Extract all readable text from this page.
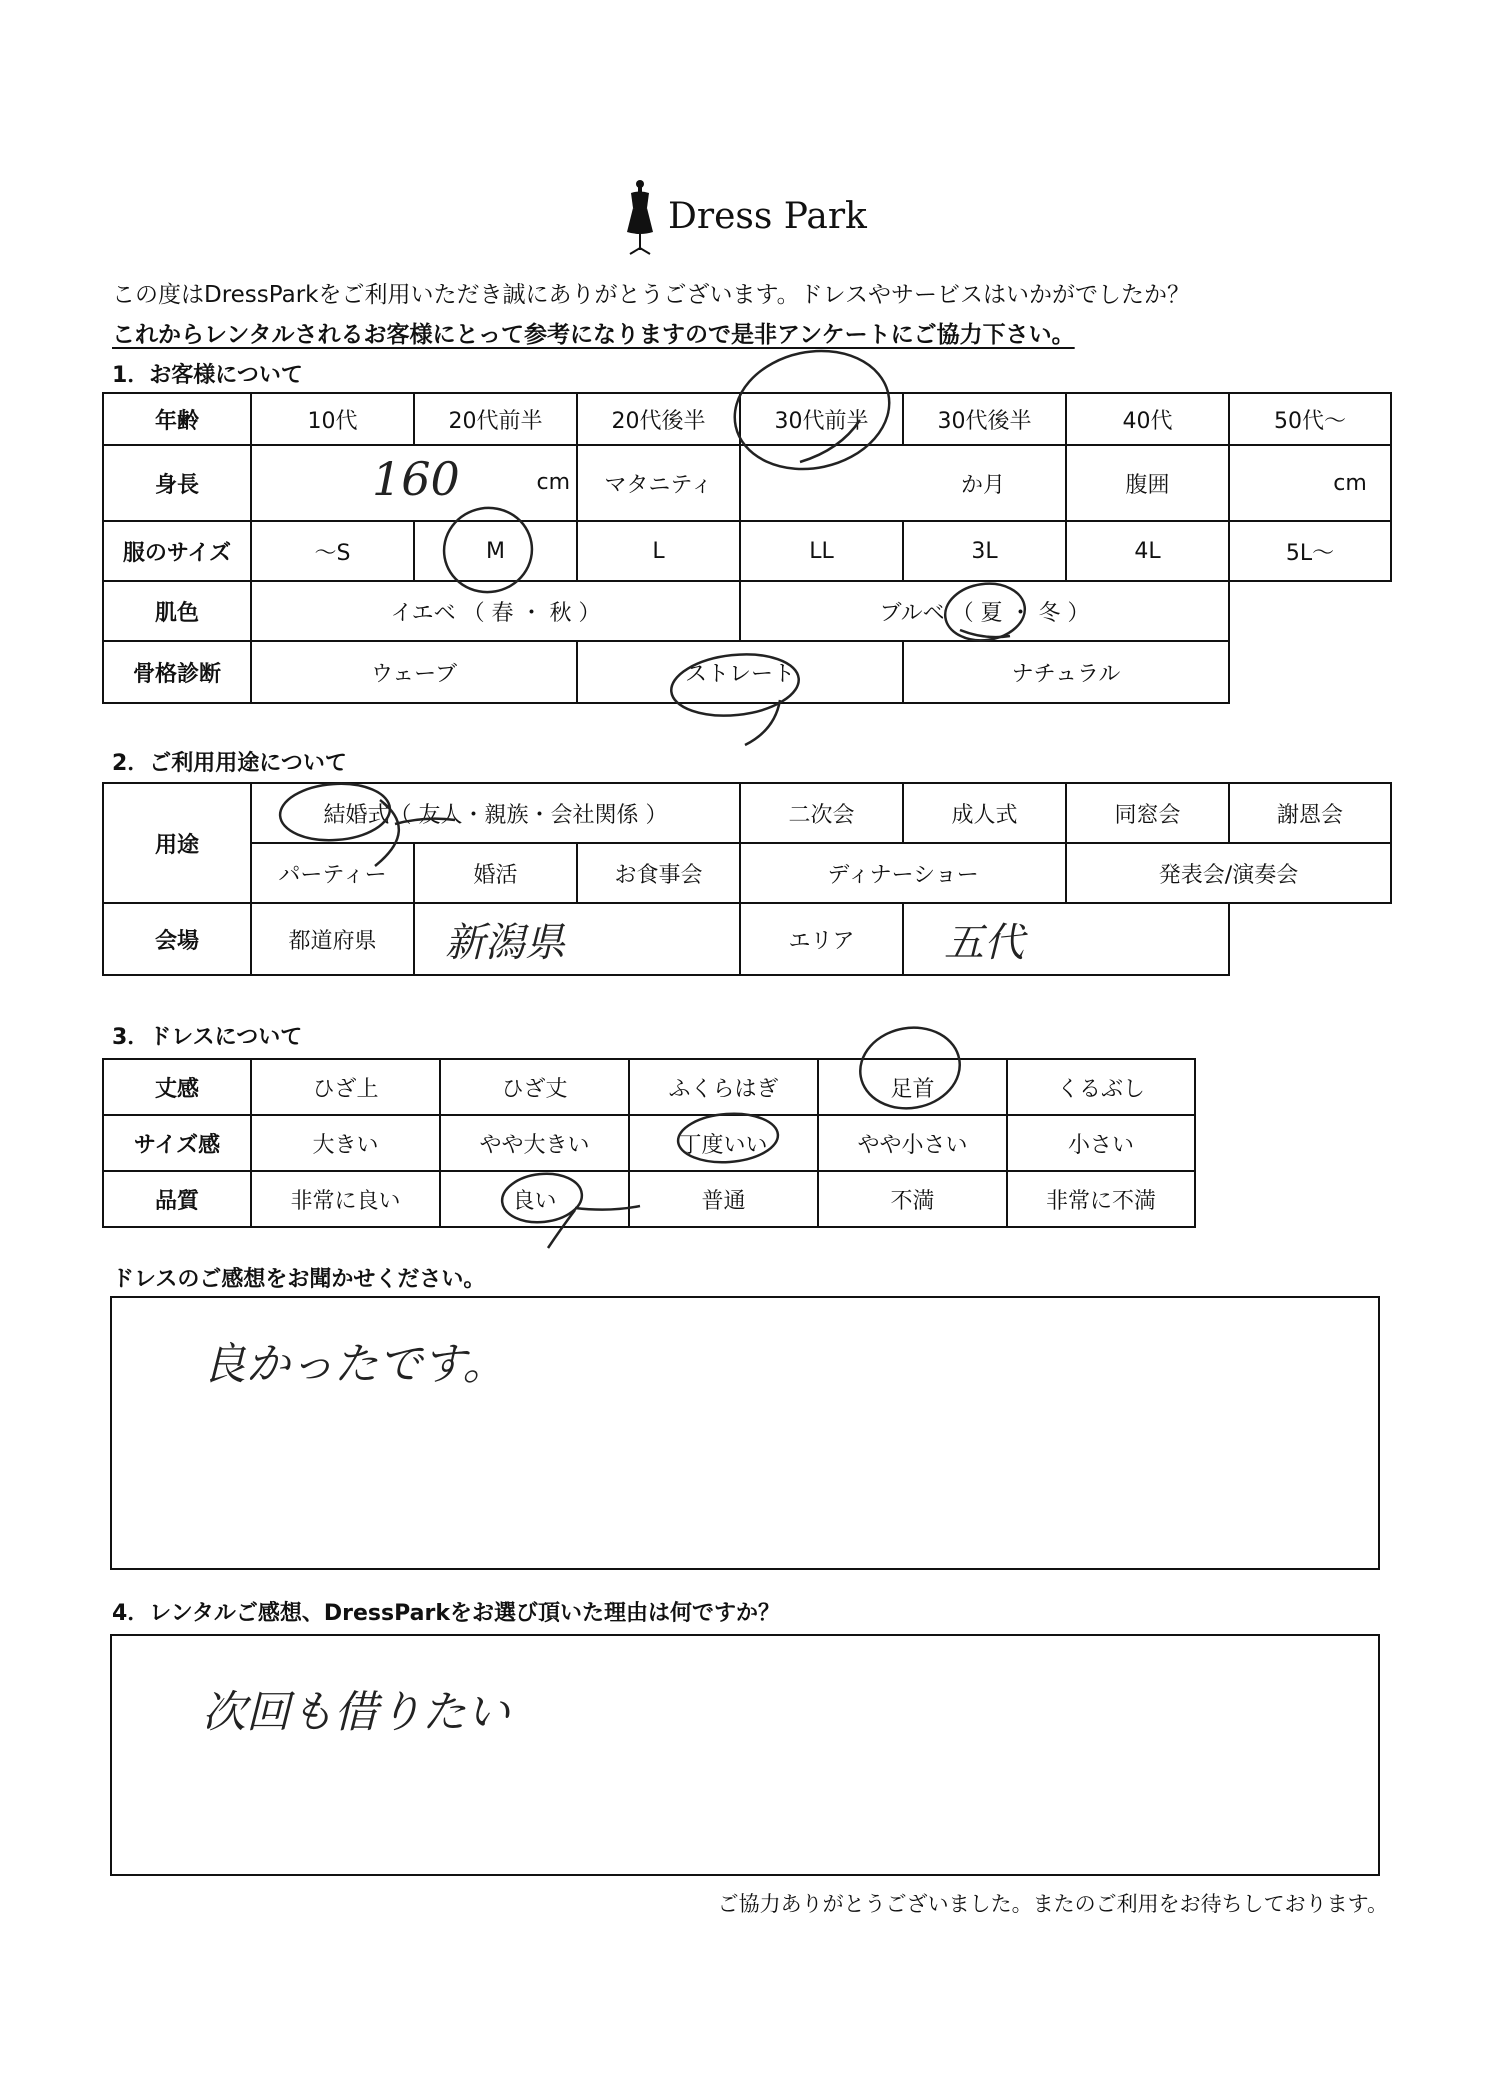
Dress Park
この度はDressParkをご利用いただき誠にありがとうございます。ドレスやサービスはいかがでしたか？
これからレンタルされるお客様にとって参考になりますので是非アンケートにご協力下さい。
1．お客様について
年齢	10代	20代前半	20代後半	30代前半	30代後半	40代	50代～
身長	160 cm		マタニティ	か月		腹囲	cm
服のサイズ	～S	M	L	LL	3L	4L	5L～
肌色	イエベ （ 春 ・ 秋 ）			ブルベ （ 夏 ・ 冬 ）			
骨格診断	ウェーブ		ストレート		ナチュラル		
2．ご利用用途について
用途	結婚式（ 友人・親族・会社関係 ）			二次会	成人式	同窓会	謝恩会
	パーティー	婚活	お食事会	ディナーショー		発表会/演奏会	
会場	都道府県	新潟県		エリア	五代		
3．ドレスについて
丈感	ひざ上	ひざ丈	ふくらはぎ	足首	くるぶし
サイズ感	大きい	やや大きい	丁度いい	やや小さい	小さい
品質	非常に良い	良い	普通	不満	非常に不満
ドレスのご感想をお聞かせください。
良かったです。
4．レンタルご感想、DressParkをお選び頂いた理由は何ですか？
次回も借りたい
ご協力ありがとうございました。またのご利用をお待ちしております。
